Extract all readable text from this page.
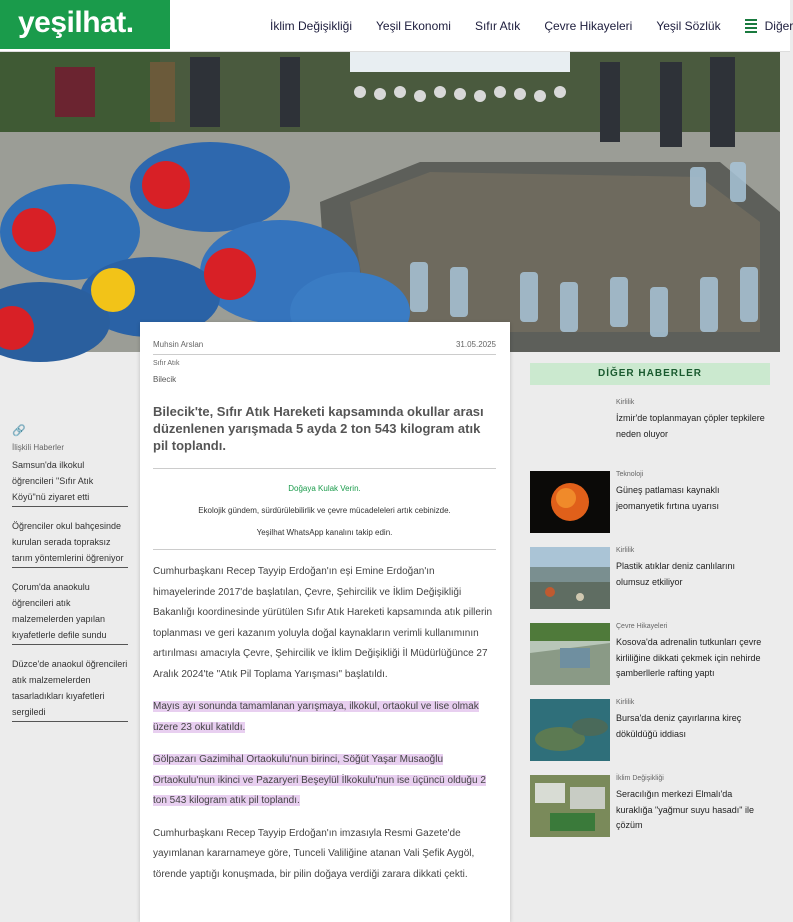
yeşilhat.	İklim Değişikliği Yeşil Ekonomi Sıfır Atık Çevre Hikayeleri Yeşil Sözlük	Diğer
🔗
İlişkili Haberler
Samsun'da ilkokul öğrencileri "Sıfır Atık Köyü"nü ziyaret etti
Öğrenciler okul bahçesinde kurulan serada topraksız tarım yöntemlerini öğreniyor
Çorum'da anaokulu öğrencileri atık malzemelerden yapılan kıyafetlerle defile sundu
Düzce'de anaokul öğrencileri atık malzemelerden tasarladıkları kıyafetleri sergiledi
Muhsin Arslan	31.05.2025
Sıfır Atık
Bilecik
Bilecik'te, Sıfır Atık Hareketi kapsamında okullar arası düzenlenen yarışmada 5 ayda 2 ton 543 kilogram atık pil toplandı.
Doğaya Kulak Verin.
Ekolojik gündem, sürdürülebilirlik ve çevre mücadeleleri artık cebinizde.
Yeşilhat WhatsApp kanalını takip edin.

Cumhurbaşkanı Recep Tayyip Erdoğan'ın eşi Emine Erdoğan'ın himayelerinde 2017'de başlatılan, Çevre, Şehircilik ve İklim Değişikliği Bakanlığı koordinesinde yürütülen Sıfır Atık Hareketi kapsamında atık pillerin toplanması ve geri kazanım yoluyla doğal kaynakların verimli kullanımının artırılması amacıyla Çevre, Şehircilik ve İklim Değişikliği İl Müdürlüğünce 27 Aralık 2024'te "Atık Pil Toplama Yarışması" başlatıldı.

Mayıs ayı sonunda tamamlanan yarışmaya, ilkokul, ortaokul ve lise olmak üzere 23 okul katıldı.

Gölpazarı Gazimihal Ortaokulu'nun birinci, Söğüt Yaşar Musaoğlu Ortaokulu'nun ikinci ve Pazaryeri Beşeylül İlkokulu'nun ise üçüncü olduğu 2 ton 543 kilogram atık pil toplandı.

Cumhurbaşkanı Recep Tayyip Erdoğan'ın imzasıyla Resmi Gazete'de yayımlanan kararnameye göre, Tunceli Valiliğine atanan Vali Şefik Aygöl, törende yaptığı konuşmada, bir pilin doğaya verdiği zarara dikkati çekti.

DİĞER HABERLER
Kirlilik
İzmir'de toplanmayan çöpler tepkilere neden oluyor
Teknoloji
Güneş patlaması kaynaklı jeomanyetik fırtına uyarısı
Kirlilik
Plastik atıklar deniz canlılarını olumsuz etkiliyor
Çevre Hikayeleri
Kosova'da adrenalin tutkunları çevre kirliliğine dikkati çekmek için nehirde şamberllerle rafting yaptı
Kirlilik
Bursa'da deniz çayırlarına kireç döküldüğü iddiası
İklim Değişikliği
Seracılığın merkezi Elmalı'da kuraklığa "yağmur suyu hasadı" ile çözüm
